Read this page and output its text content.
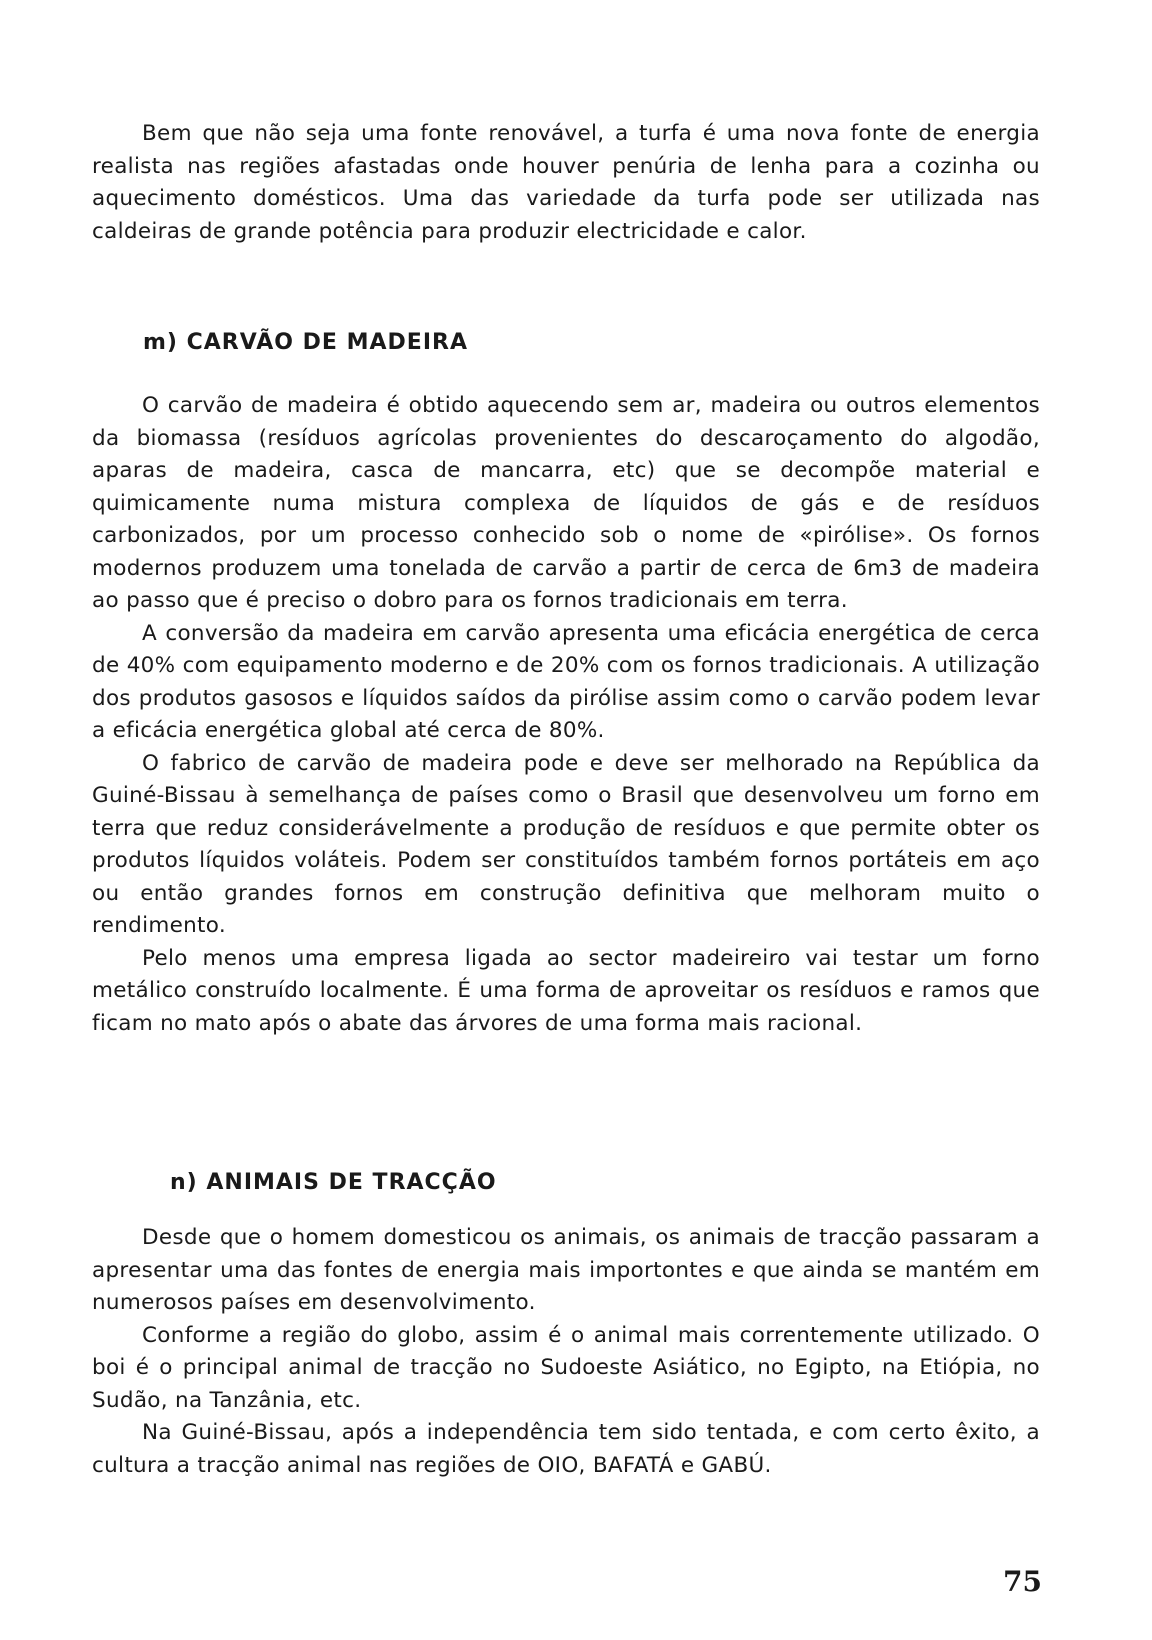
Bem que não seja uma fonte renovável, a turfa é uma nova fonte de energia realista nas regiões afastadas onde houver penúria de lenha para a cozinha ou aquecimento domésticos. Uma das variedade da turfa pode ser utilizada nas caldeiras de grande potência para produzir electricidade e calor.

m) CARVÃO DE MADEIRA

O carvão de madeira é obtido aquecendo sem ar, madeira ou outros elementos da biomassa (resíduos agrícolas provenientes do descaroçamento do algodão, aparas de madeira, casca de mancarra, etc) que se decompõe material e quimicamente numa mistura complexa de líquidos de gás e de resíduos carbonizados, por um processo conhecido sob o nome de «pirólise». Os fornos modernos produzem uma tonelada de carvão a partir de cerca de 6m3 de madeira ao passo que é preciso o dobro para os fornos tradicionais em terra.

A conversão da madeira em carvão apresenta uma eficácia energética de cerca de 40% com equipamento moderno e de 20% com os fornos tradicionais. A utilização dos produtos gasosos e líquidos saídos da pirólise assim como o carvão podem levar a eficácia energética global até cerca de 80%.

O fabrico de carvão de madeira pode e deve ser melhorado na República da Guiné-Bissau à semelhança de países como o Brasil que desenvolveu um forno em terra que reduz considerávelmente a produção de resíduos e que permite obter os produtos líquidos voláteis. Podem ser constituídos também fornos portáteis em aço ou então grandes fornos em construção definitiva que melhoram muito o rendimento.

Pelo menos uma empresa ligada ao sector madeireiro vai testar um forno metálico construído localmente. É uma forma de aproveitar os resíduos e ramos que ficam no mato após o abate das árvores de uma forma mais racional.

n) ANIMAIS DE TRACÇÃO

Desde que o homem domesticou os animais, os animais de tracção passaram a apresentar uma das fontes de energia mais importontes e que ainda se mantém em numerosos países em desenvolvimento.

Conforme a região do globo, assim é o animal mais correntemente utilizado. O boi é o principal animal de tracção no Sudoeste Asiático, no Egipto, na Etiópia, no Sudão, na Tanzânia, etc.

Na Guiné-Bissau, após a independência tem sido tentada, e com certo êxito, a cultura a tracção animal nas regiões de OIO, BAFATÁ e GABÚ.

75
